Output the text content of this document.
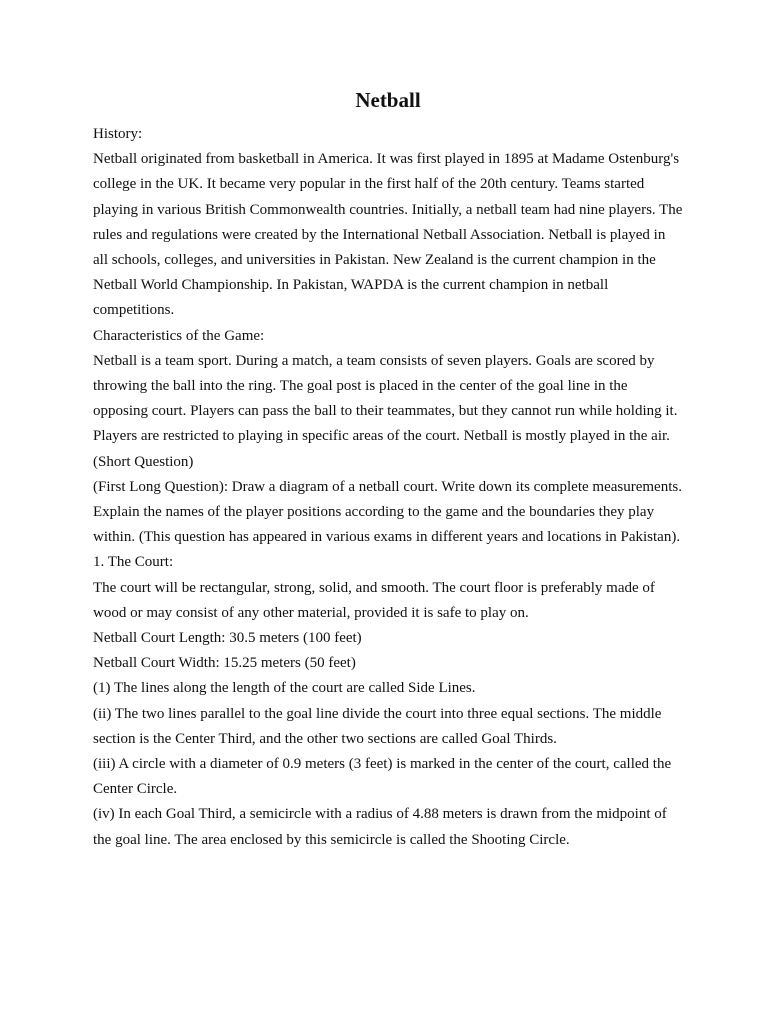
Netball

History:

Netball originated from basketball in America. It was first played in 1895 at Madame Ostenburg's college in the UK. It became very popular in the first half of the 20th century. Teams started playing in various British Commonwealth countries. Initially, a netball team had nine players. The rules and regulations were created by the International Netball Association. Netball is played in all schools, colleges, and universities in Pakistan. New Zealand is the current champion in the Netball World Championship. In Pakistan, WAPDA is the current champion in netball competitions.

Characteristics of the Game:

Netball is a team sport. During a match, a team consists of seven players. Goals are scored by throwing the ball into the ring. The goal post is placed in the center of the goal line in the opposing court. Players can pass the ball to their teammates, but they cannot run while holding it. Players are restricted to playing in specific areas of the court. Netball is mostly played in the air.

(Short Question)

(First Long Question): Draw a diagram of a netball court. Write down its complete measurements. Explain the names of the player positions according to the game and the boundaries they play within. (This question has appeared in various exams in different years and locations in Pakistan).

1. The Court:

The court will be rectangular, strong, solid, and smooth. The court floor is preferably made of wood or may consist of any other material, provided it is safe to play on.

Netball Court Length: 30.5 meters (100 feet)

Netball Court Width: 15.25 meters (50 feet)

(1) The lines along the length of the court are called Side Lines.

(ii) The two lines parallel to the goal line divide the court into three equal sections. The middle section is the Center Third, and the other two sections are called Goal Thirds.

(iii) A circle with a diameter of 0.9 meters (3 feet) is marked in the center of the court, called the Center Circle.

(iv) In each Goal Third, a semicircle with a radius of 4.88 meters is drawn from the midpoint of the goal line. The area enclosed by this semicircle is called the Shooting Circle.
